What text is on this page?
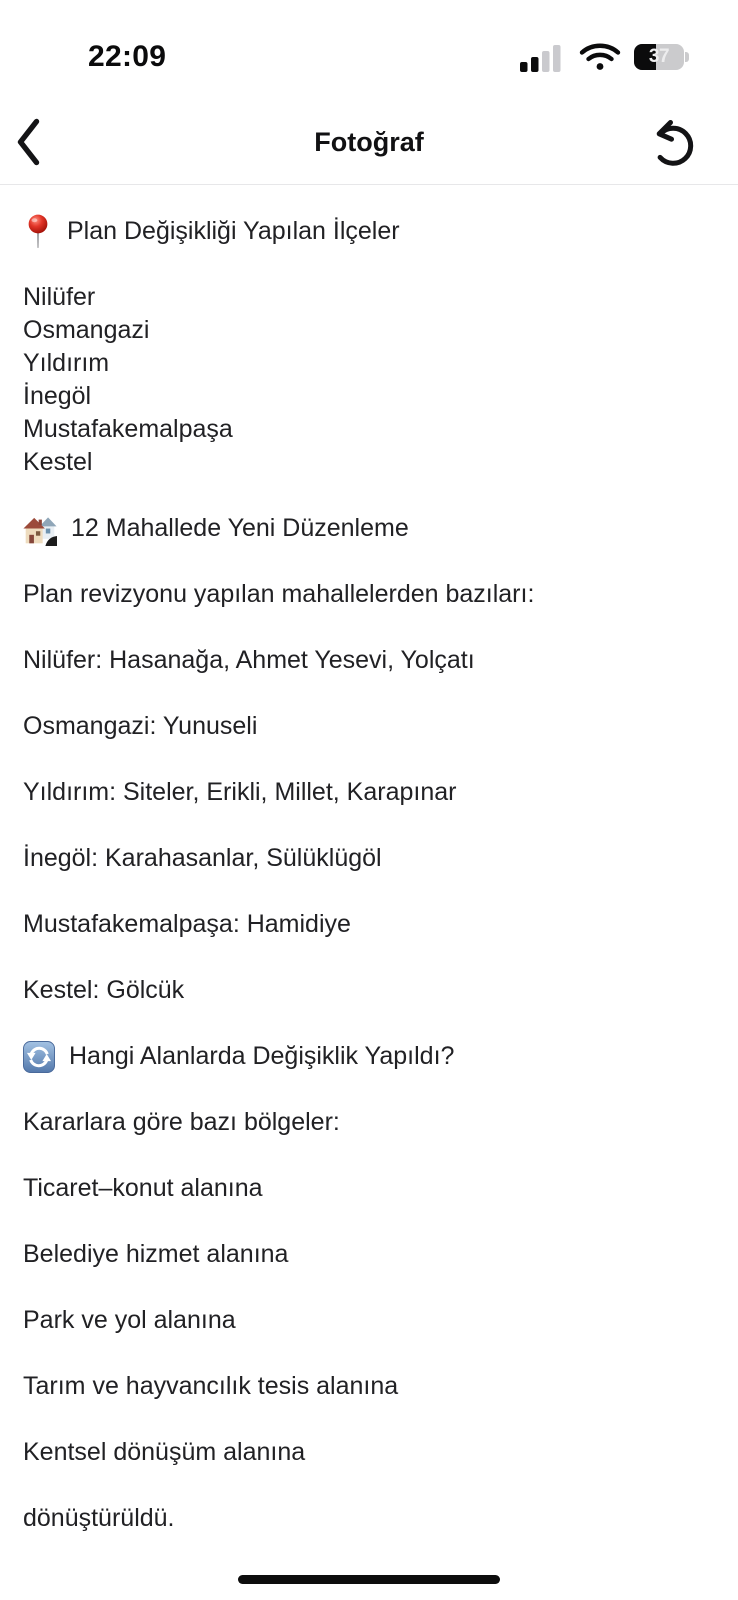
22:09	37
Fotoğraf
Plan Değişikliği Yapılan İlçeler
Nilüfer
Osmangazi
Yıldırım
İnegöl
Mustafakemalpaşa
Kestel
12 Mahallede Yeni Düzenleme

Plan revizyonu yapılan mahallelerden bazıları:

Nilüfer: Hasanağa, Ahmet Yesevi, Yolçatı

Osmangazi: Yunuseli

Yıldırım: Siteler, Erikli, Millet, Karapınar

İnegöl: Karahasanlar, Sülüklügöl

Mustafakemalpaşa: Hamidiye

Kestel: Gölcük

Hangi Alanlarda Değişiklik Yapıldı?

Kararlara göre bazı bölgeler:

Ticaret–konut alanına

Belediye hizmet alanına

Park ve yol alanına

Tarım ve hayvancılık tesis alanına

Kentsel dönüşüm alanına

dönüştürüldü.
